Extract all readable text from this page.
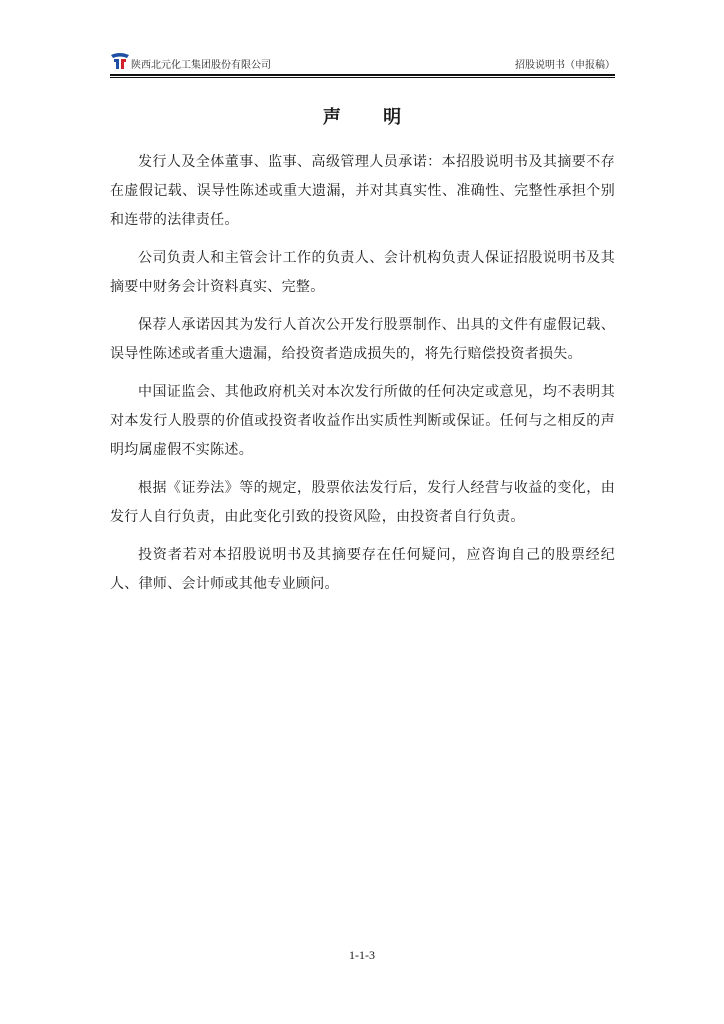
陕西北元化工集团股份有限公司	招股说明书（申报稿）
声 明

发行人及全体董事、监事、高级管理人员承诺：本招股说明书及其摘要不存在虚假记载、误导性陈述或重大遗漏，并对其真实性、准确性、完整性承担个别和连带的法律责任。

公司负责人和主管会计工作的负责人、会计机构负责人保证招股说明书及其摘要中财务会计资料真实、完整。

保荐人承诺因其为发行人首次公开发行股票制作、出具的文件有虚假记载、误导性陈述或者重大遗漏，给投资者造成损失的，将先行赔偿投资者损失。

中国证监会、其他政府机关对本次发行所做的任何决定或意见，均不表明其对本发行人股票的价值或投资者收益作出实质性判断或保证。任何与之相反的声明均属虚假不实陈述。

根据《证券法》等的规定，股票依法发行后，发行人经营与收益的变化，由发行人自行负责，由此变化引致的投资风险，由投资者自行负责。

投资者若对本招股说明书及其摘要存在任何疑问，应咨询自己的股票经纪人、律师、会计师或其他专业顾问。

1-1-3
